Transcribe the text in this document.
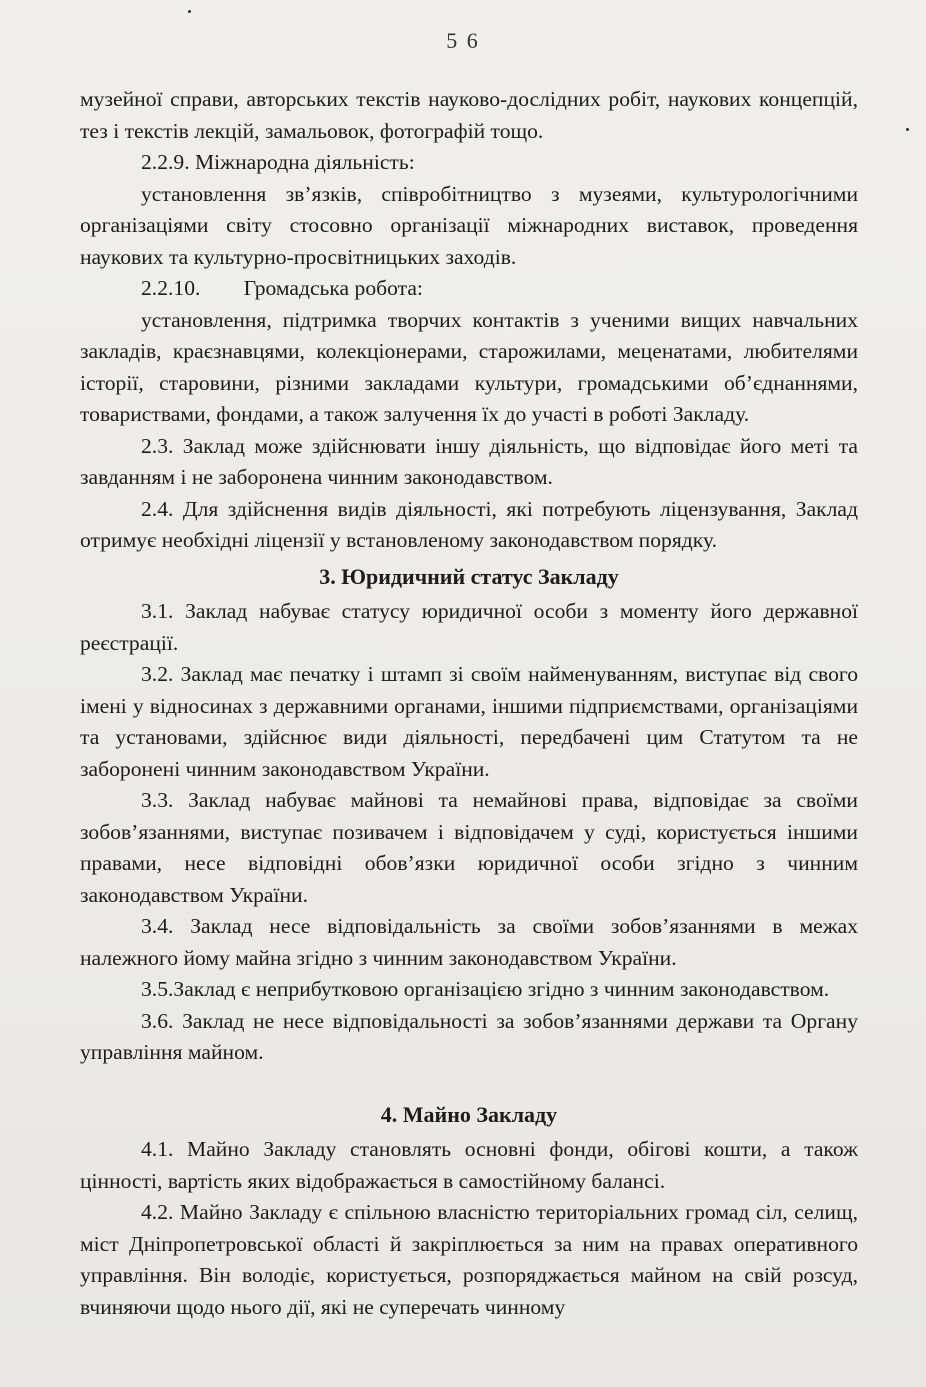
5 6

музейної справи, авторських текстів науково-дослідних робіт, наукових концепцій, тез і текстів лекцій, замальовок, фотографій тощо.

2.2.9. Міжнародна діяльність:

установлення зв’язків, співробітництво з музеями, культурологічними організаціями світу стосовно організації міжнародних виставок, проведення наукових та культурно-просвітницьких заходів.

2.2.10.  Громадська робота:

установлення, підтримка творчих контактів з ученими вищих навчальних закладів, краєзнавцями, колекціонерами, старожилами, меценатами, любителями історії, старовини, різними закладами культури, громадськими об’єднаннями, товариствами, фондами, а також залучення їх до участі в роботі Закладу.

2.3. Заклад може здійснювати іншу діяльність, що відповідає його меті та завданням і не заборонена чинним законодавством.

2.4. Для здійснення видів діяльності, які потребують ліцензування, Заклад отримує необхідні ліцензії у встановленому законодавством порядку.

3. Юридичний статус Закладу

3.1. Заклад набуває статусу юридичної особи з моменту його державної реєстрації.

3.2. Заклад має печатку і штамп зі своїм найменуванням, виступає від свого імені у відносинах з державними органами, іншими підприємствами, організаціями та установами, здійснює види діяльності, передбачені цим Статутом та не заборонені чинним законодавством України.

3.3. Заклад набуває майнові та немайнові права, відповідає за своїми зобов’язаннями, виступає позивачем і відповідачем у суді, користується іншими правами, несе відповідні обов’язки юридичної особи згідно з чинним законодавством України.

3.4. Заклад несе відповідальність за своїми зобов’язаннями в межах належного йому майна згідно з чинним законодавством України.

3.5.Заклад є неприбутковою організацією згідно з чинним законодавством.

3.6. Заклад не несе відповідальності за зобов’язаннями держави та Органу управління майном.

4. Майно Закладу

4.1. Майно Закладу становлять основні фонди, обігові кошти, а також цінності, вартість яких відображається в самостійному балансі.

4.2. Майно Закладу є спільною власністю територіальних громад сіл, селищ, міст Дніпропетровської області й закріплюється за ним на правах оперативного управління. Він володіє, користується, розпоряджається майном на свій розсуд, вчиняючи щодо нього дії, які не суперечать чинному
